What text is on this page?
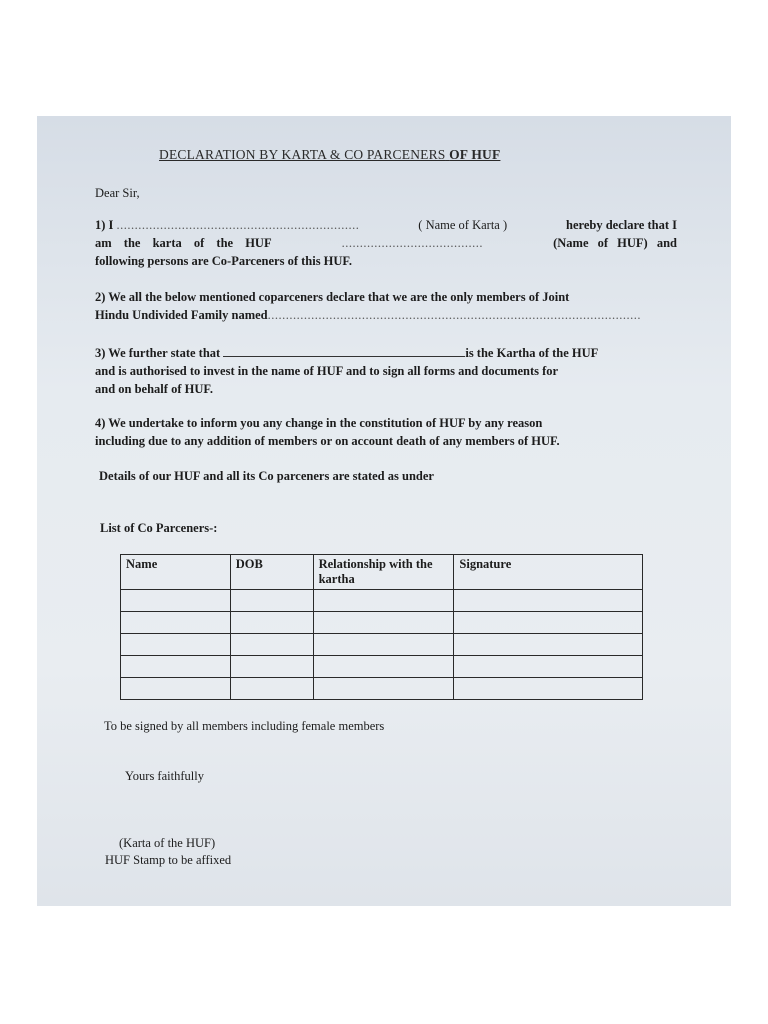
DECLARATION BY KARTA & CO PARCENERS OF HUF
Dear Sir,
1) I ...................................................................	( Name of Karta )	hereby declare that I
am the karta of the HUF	.......................................	(Name of HUF) and
following persons are Co-Parceners of this HUF.
2) We all the below mentioned coparceners declare that we are the only members of Joint
Hindu Undivided Family named.......................................................................................................
3) We further state that	is the Kartha of the HUF
and is authorised to invest in the name of HUF and to sign all forms and documents for
and on behalf of HUF.
4) We undertake to inform you any change in the constitution of HUF by any reason
including due to any addition of members or on account death of any members of HUF.
Details of our HUF and all its Co parceners are stated as under
List of Co Parceners-:
Name	DOB	Relationship with the kartha	Signature

To be signed by all members including female members
Yours faithfully
(Karta of the HUF)
HUF Stamp to be affixed
